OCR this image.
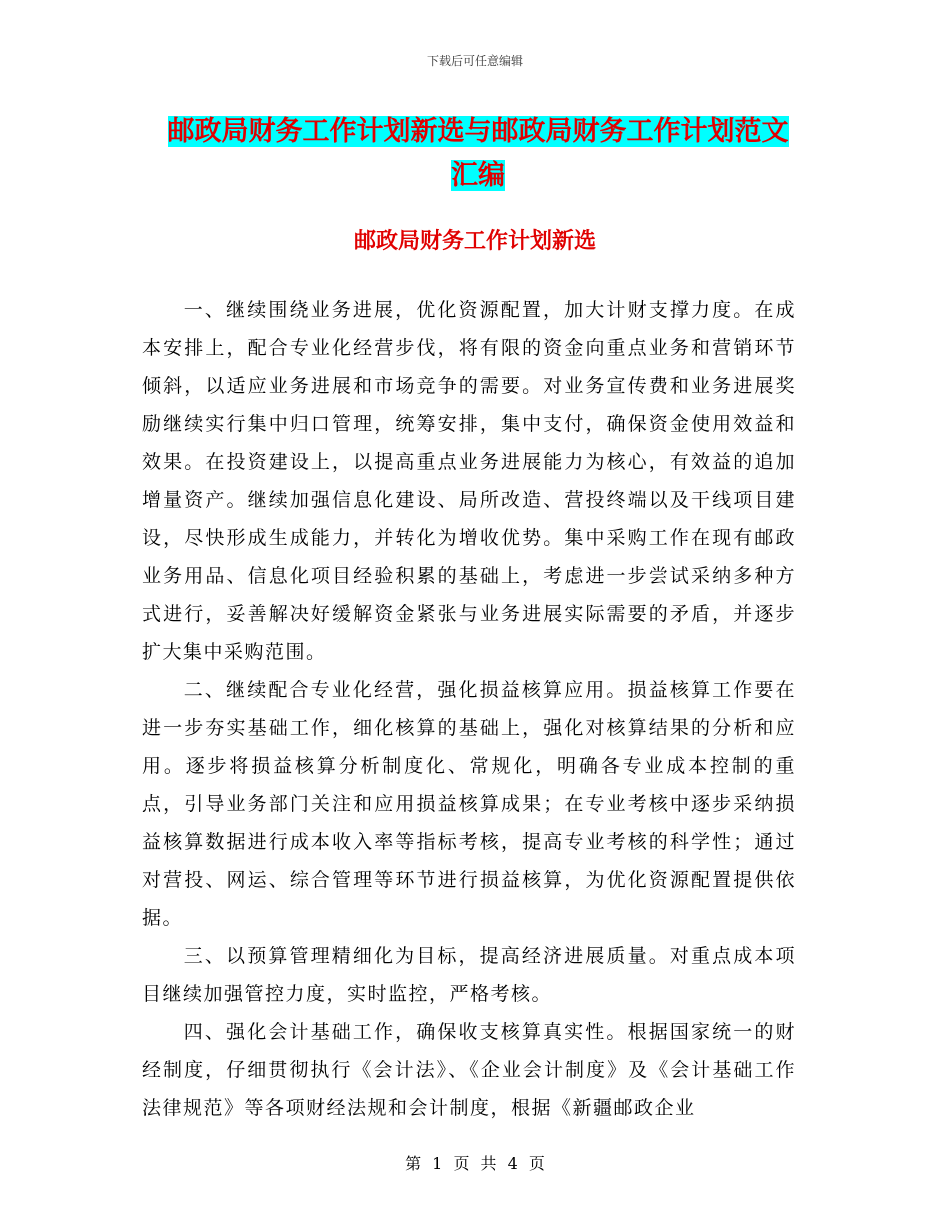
下载后可任意编辑
邮政局财务工作计划新选与邮政局财务工作计划范文
汇编
邮政局财务工作计划新选

一、继续围绕业务进展，优化资源配置，加大计财支撑力度。在成本安排上，配合专业化经营步伐，将有限的资金向重点业务和营销环节倾斜，以适应业务进展和市场竞争的需要。对业务宣传费和业务进展奖励继续实行集中归口管理，统筹安排，集中支付，确保资金使用效益和效果。在投资建设上，以提高重点业务进展能力为核心，有效益的追加增量资产。继续加强信息化建设、局所改造、营投终端以及干线项目建设，尽快形成生成能力，并转化为增收优势。集中采购工作在现有邮政业务用品、信息化项目经验积累的基础上，考虑进一步尝试采纳多种方式进行，妥善解决好缓解资金紧张与业务进展实际需要的矛盾，并逐步扩大集中采购范围。

二、继续配合专业化经营，强化损益核算应用。损益核算工作要在进一步夯实基础工作，细化核算的基础上，强化对核算结果的分析和应用。逐步将损益核算分析制度化、常规化，明确各专业成本控制的重点，引导业务部门关注和应用损益核算成果；在专业考核中逐步采纳损益核算数据进行成本收入率等指标考核，提高专业考核的科学性；通过对营投、网运、综合管理等环节进行损益核算，为优化资源配置提供依据。

三、以预算管理精细化为目标，提高经济进展质量。对重点成本项目继续加强管控力度，实时监控，严格考核。

四、强化会计基础工作，确保收支核算真实性。根据国家统一的财经制度，仔细贯彻执行《会计法》、《企业会计制度》及《会计基础工作法律规范》等各项财经法规和会计制度，根据《新疆邮政企业

第 1 页 共 4 页
